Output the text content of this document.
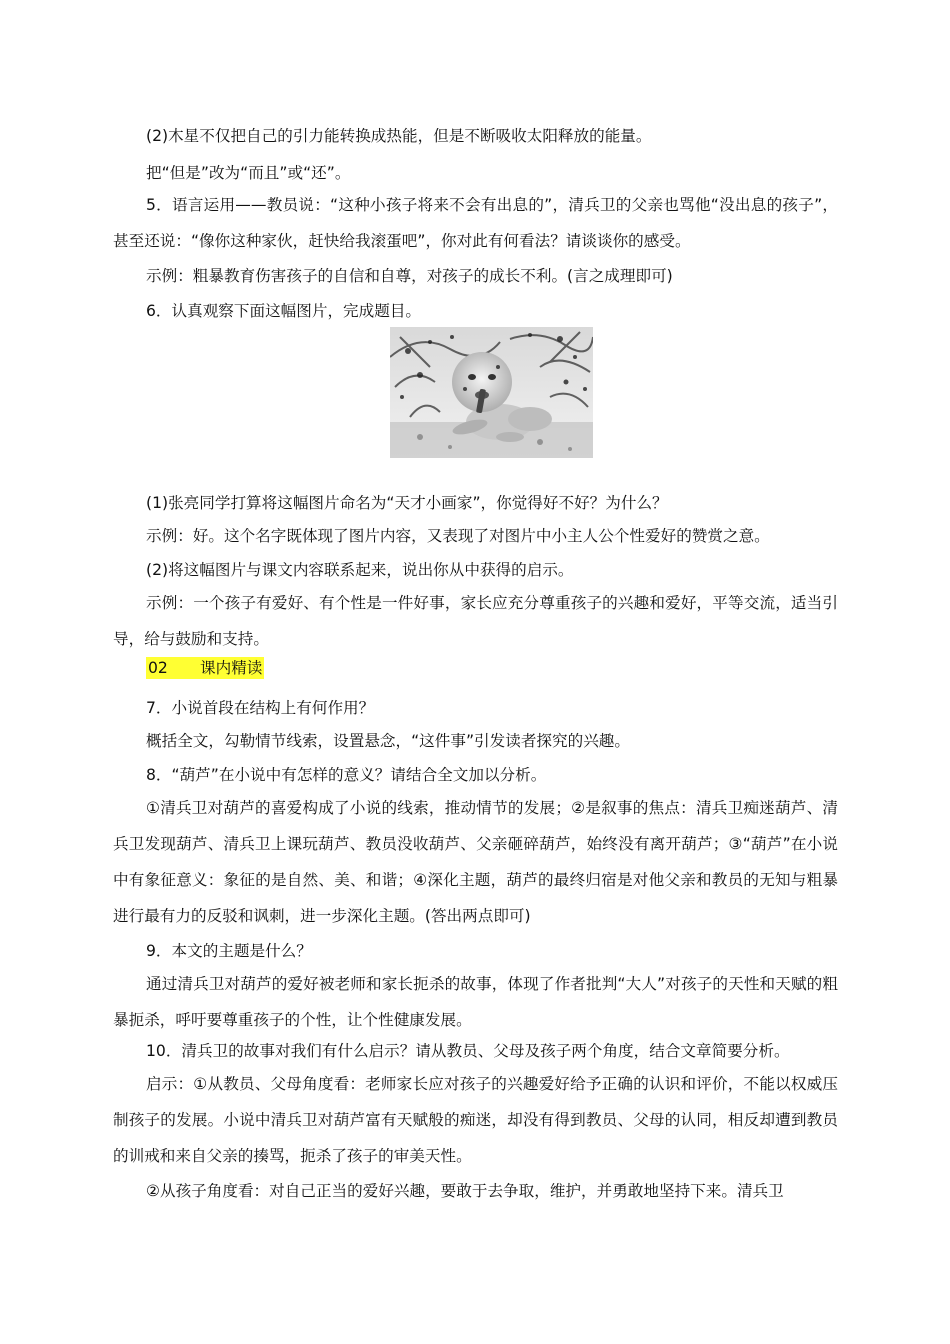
(2)木星不仅把自己的引力能转换成热能，但是不断吸收太阳释放的能量。

把“但是”改为“而且”或“还”。

5．语言运用——教员说：“这种小孩子将来不会有出息的”，清兵卫的父亲也骂他“没出息的孩子”，甚至还说：“像你这种家伙，赶快给我滚蛋吧”，你对此有何看法？请谈谈你的感受。

示例：粗暴教育伤害孩子的自信和自尊，对孩子的成长不利。(言之成理即可)

6．认真观察下面这幅图片，完成题目。

(1)张亮同学打算将这幅图片命名为“天才小画家”，你觉得好不好？为什么？

示例：好。这个名字既体现了图片内容，又表现了对图片中小主人公个性爱好的赞赏之意。

(2)将这幅图片与课文内容联系起来，说出你从中获得的启示。

示例：一个孩子有爱好、有个性是一件好事，家长应充分尊重孩子的兴趣和爱好，平等交流，适当引导，给与鼓励和支持。

02 课内精读

7．小说首段在结构上有何作用？

概括全文，勾勒情节线索，设置悬念，“这件事”引发读者探究的兴趣。

8．“葫芦”在小说中有怎样的意义？请结合全文加以分析。

①清兵卫对葫芦的喜爱构成了小说的线索，推动情节的发展；②是叙事的焦点：清兵卫痴迷葫芦、清兵卫发现葫芦、清兵卫上课玩葫芦、教员没收葫芦、父亲砸碎葫芦，始终没有离开葫芦；③“葫芦”在小说中有象征意义：象征的是自然、美、和谐；④深化主题，葫芦的最终归宿是对他父亲和教员的无知与粗暴进行最有力的反驳和讽刺，进一步深化主题。(答出两点即可)

9．本文的主题是什么？

通过清兵卫对葫芦的爱好被老师和家长扼杀的故事，体现了作者批判“大人”对孩子的天性和天赋的粗暴扼杀，呼吁要尊重孩子的个性，让个性健康发展。

10．清兵卫的故事对我们有什么启示？请从教员、父母及孩子两个角度，结合文章简要分析。

启示：①从教员、父母角度看：老师家长应对孩子的兴趣爱好给予正确的认识和评价，不能以权威压制孩子的发展。小说中清兵卫对葫芦富有天赋般的痴迷，却没有得到教员、父母的认同，相反却遭到教员的训戒和来自父亲的揍骂，扼杀了孩子的审美天性。

②从孩子角度看：对自己正当的爱好兴趣，要敢于去争取，维护，并勇敢地坚持下来。清兵卫
